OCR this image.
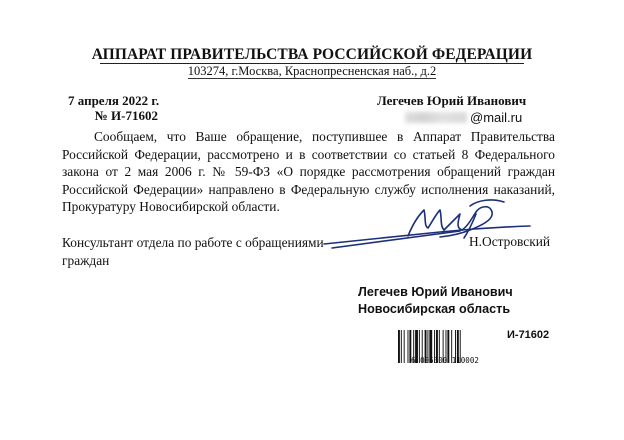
АППАРАТ ПРАВИТЕЛЬСТВА РОССИЙСКОЙ ФЕДЕРАЦИИ
103274, г.Москва, Краснопресненская наб., д.2
7 апреля 2022 г.
№ И-71602
Легечев Юрий Иванович
@mail.ru
Сообщаем, что Ваше обращение, поступившее в Аппарат Правительства Российской Федерации, рассмотрено и в соответствии со статьей 8 Федерального закона от 2 мая 2006 г. № 59-ФЗ «О порядке рассмотрения обращений граждан Российской Федерации» направлено в Федеральную службу исполнения наказаний, Прокуратуру Новосибирской области.
Консультант отдела по работе с обращениями граждан
Н.Островский
Легечев Юрий Иванович
Новосибирская область
6 005300 110002
И-71602
